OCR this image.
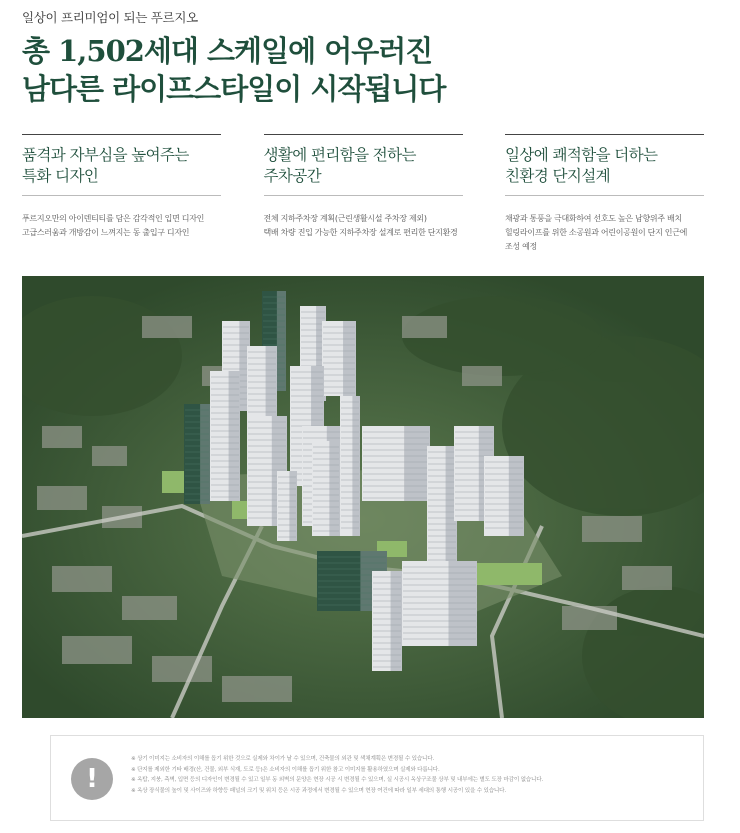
일상이 프리미엄이 되는 푸르지오
총 1,502세대 스케일에 어우러진
남다른 라이프스타일이 시작됩니다
품격과 자부심을 높여주는
특화 디자인
푸르지오만의 아이덴티티를 담은 감각적인 입면 디자인
고급스러움과 개방감이 느껴지는 동 출입구 디자인
생활에 편리함을 전하는
주차공간
전체 지하주차장 계획(근린생활시설 주차장 제외)
택배 차량 진입 가능한 지하주차장 설계로 편리한 단지환경
일상에 쾌적함을 더하는
친환경 단지설계
채광과 통풍을 극대화하여 선호도 높은 남향위주 배치
힐링라이프를 위한 소공원과 어린이공원이 단지 인근에
조성 예정
!
※ 상기 이미지는 소비자의 이해를 돕기 위한 것으로 실제와 차이가 날 수 있으며, 건축물의 외관 및 색채계획은 변경될 수 있습니다.
※ 단지를 제외한 기타 배경(산, 건물, 외부 식재, 도로 등)은 소비자의 이해를 돕기 위한 참고 이미지를 활용하였으며 실제와 다릅니다.
※ 옥탑, 지붕, 측벽, 입면 등의 디자인이 변경될 수 있고 일부 동 외벽의 문양은 현장 시공 시 변경될 수 있으며, 실 시공시 옥상구조물 상부 및 내부에는 별도 도장 마감이 없습니다.
※ 옥상 장식물의 높이 및 사이즈와 하향등 패널의 크기 및 위치 등은 시공 과정에서 변경될 수 있으며 현장 여건에 따라 일부 세대의 통행 시공이 있을 수 있습니다.
